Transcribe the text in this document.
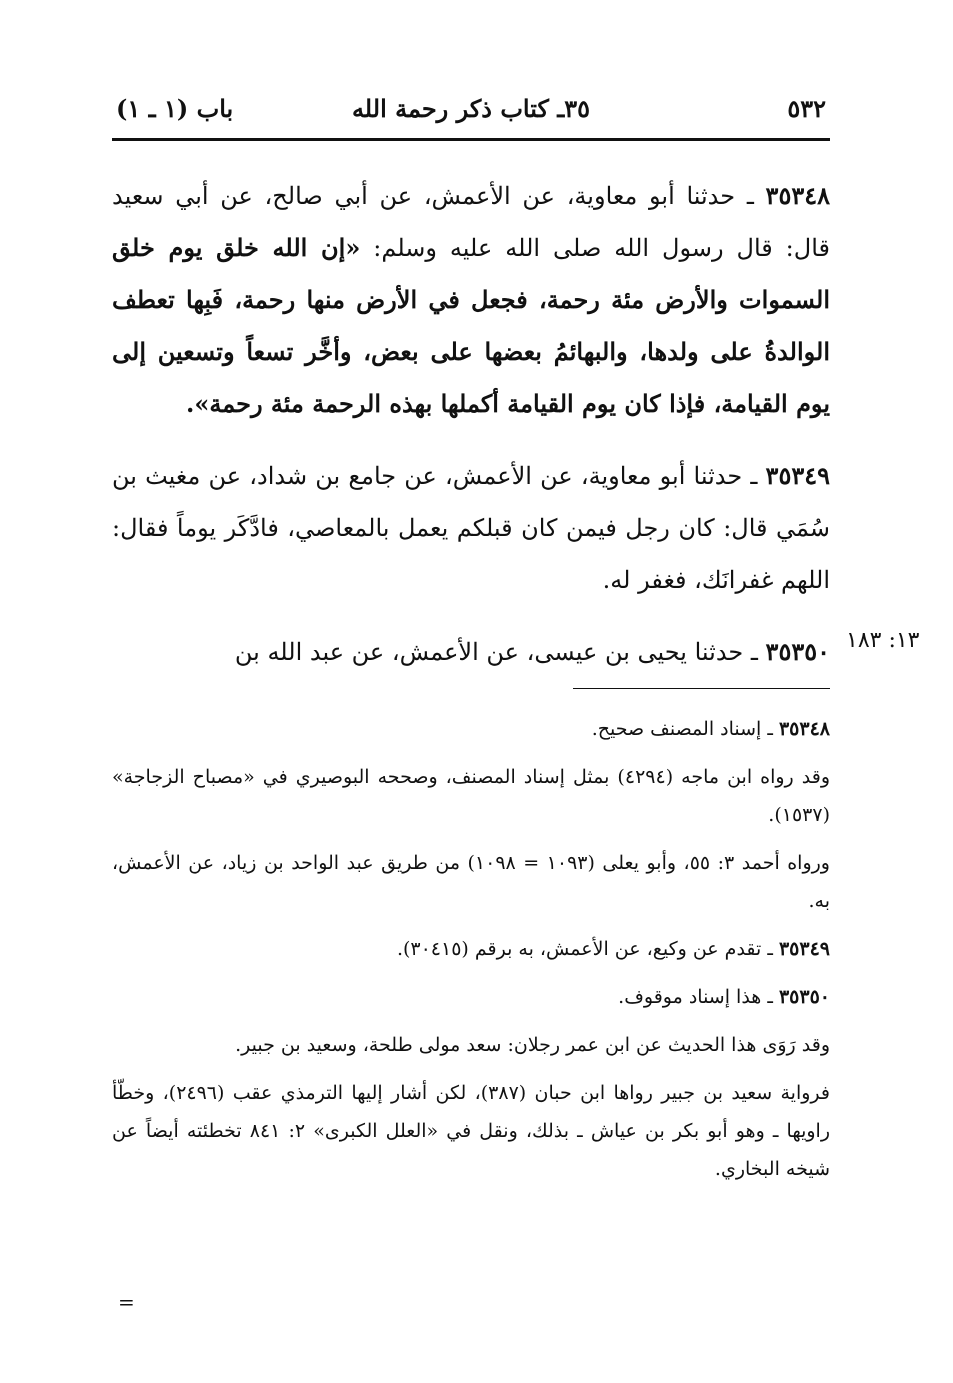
٥٣٢
٣٥ـ كتاب ذكر رحمة الله
باب (١ ـ ١)

٣٥٣٤٨ ـ حدثنا أبو معاوية، عن الأعمش، عن أبي صالح، عن أبي سعيد قال: قال رسول الله صلى الله عليه وسلم: «إن الله خلق يوم خلق السموات والأرض مئة رحمة، فجعل في الأرض منها رحمة، فَبِها تعطف الوالدةُ على ولدها، والبهائمُ بعضها على بعض، وأخَّر تسعاً وتسعين إلى يوم القيامة، فإذا كان يوم القيامة أكملها بهذه الرحمة مئة رحمة».

٣٥٣٤٩ ـ حدثنا أبو معاوية، عن الأعمش، عن جامع بن شداد، عن مغيث بن سُمَي قال: كان رجل فيمن كان قبلكم يعمل بالمعاصي، فادَّكَر يوماً فقال: اللهم غفرانَك، فغفر له.

٣٥٣٥٠ ـ حدثنا يحيى بن عيسى، عن الأعمش، عن عبد الله بن	١٣: ١٨٣

٣٥٣٤٨ ـ إسناد المصنف صحيح.

وقد رواه ابن ماجه (٤٢٩٤) بمثل إسناد المصنف، وصححه البوصيري في «مصباح الزجاجة» (١٥٣٧).

ورواه أحمد ٣: ٥٥، وأبو يعلى (١٠٩٣ = ١٠٩٨) من طريق عبد الواحد بن زياد، عن الأعمش، به.

٣٥٣٤٩ ـ تقدم عن وكيع، عن الأعمش، به برقم (٣٠٤١٥).

٣٥٣٥٠ ـ هذا إسناد موقوف.

وقد رَوَى هذا الحديث عن ابن عمر رجلان: سعد مولى طلحة، وسعيد بن جبير.

فرواية سعيد بن جبير رواها ابن حبان (٣٨٧)، لكن أشار إليها الترمذي عقب (٢٤٩٦)، وخطّأ راويها ـ وهو أبو بكر بن عياش ـ بذلك، ونقل في «العلل الكبرى» ٢: ٨٤١ تخطئته أيضاً عن شيخه البخاري.

=
